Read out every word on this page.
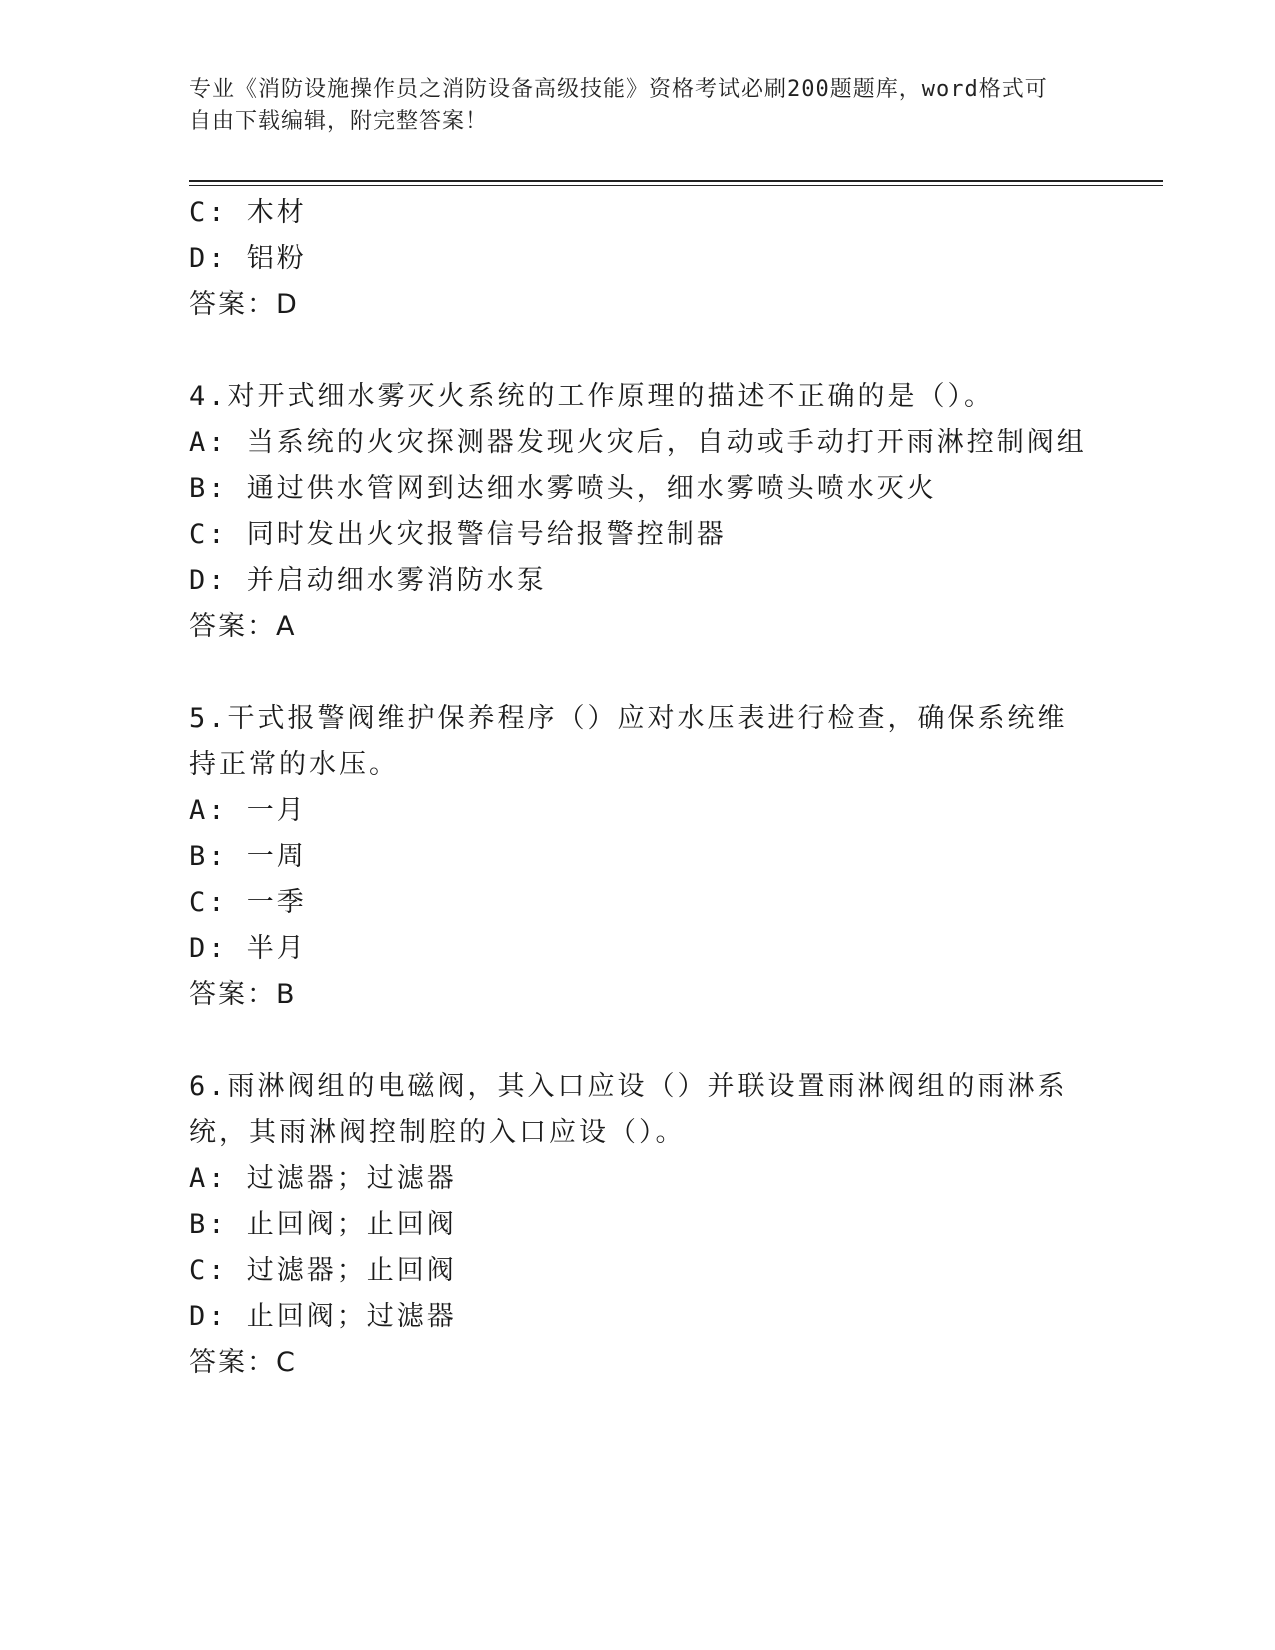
专业《消防设施操作员之消防设备高级技能》资格考试必刷200题题库，word格式可自由下载编辑，附完整答案！
C: 木材
D: 铝粉
答案：D
4.对开式细水雾灭火系统的工作原理的描述不正确的是（）。
A: 当系统的火灾探测器发现火灾后，自动或手动打开雨淋控制阀组
B: 通过供水管网到达细水雾喷头，细水雾喷头喷水灭火
C: 同时发出火灾报警信号给报警控制器
D: 并启动细水雾消防水泵
答案：A
5.干式报警阀维护保养程序（）应对水压表进行检查，确保系统维持正常的水压。
A: 一月
B: 一周
C: 一季
D: 半月
答案：B
6.雨淋阀组的电磁阀，其入口应设（）并联设置雨淋阀组的雨淋系统，其雨淋阀控制腔的入口应设（）。
A: 过滤器；过滤器
B: 止回阀；止回阀
C: 过滤器；止回阀
D: 止回阀；过滤器
答案：C
